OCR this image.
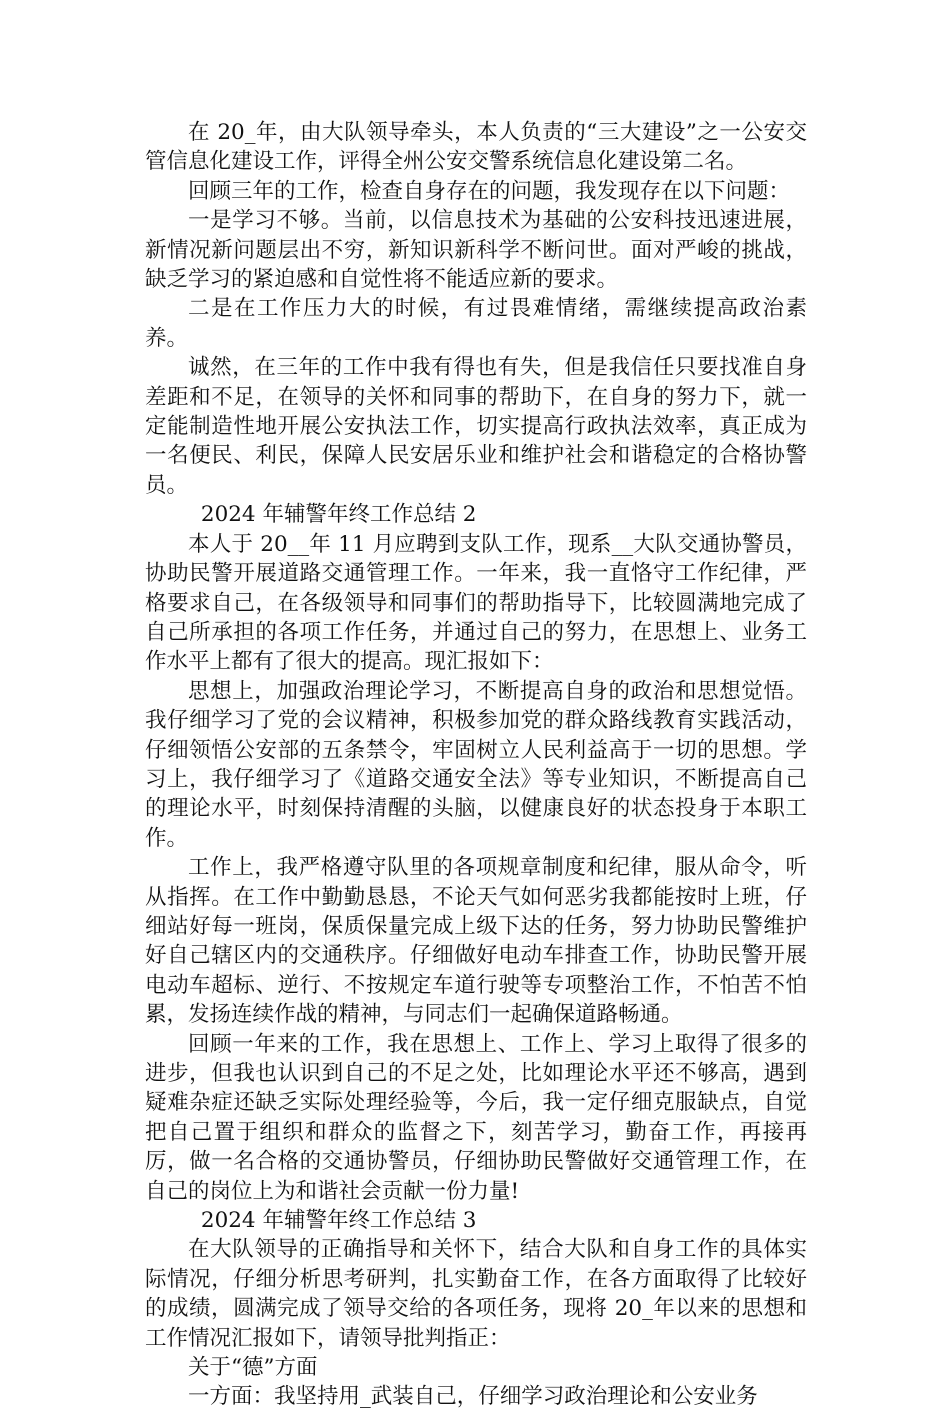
在 20_年，由大队领导牵头，本人负责的“三大建设”之一公安交管信息化建设工作，评得全州公安交警系统信息化建设第二名。

回顾三年的工作，检查自身存在的问题，我发现存在以下问题：

一是学习不够。当前，以信息技术为基础的公安科技迅速进展，新情况新问题层出不穷，新知识新科学不断问世。面对严峻的挑战，缺乏学习的紧迫感和自觉性将不能适应新的要求。

二是在工作压力大的时候，有过畏难情绪，需继续提高政治素养。

诚然，在三年的工作中我有得也有失，但是我信任只要找准自身差距和不足，在领导的关怀和同事的帮助下，在自身的努力下，就一定能制造性地开展公安执法工作，切实提高行政执法效率，真正成为一名便民、利民，保障人民安居乐业和维护社会和谐稳定的合格协警员。

2024 年辅警年终工作总结 2

本人于 20__年 11 月应聘到支队工作，现系__大队交通协警员，协助民警开展道路交通管理工作。一年来，我一直恪守工作纪律，严格要求自己，在各级领导和同事们的帮助指导下，比较圆满地完成了自己所承担的各项工作任务，并通过自己的努力，在思想上、业务工作水平上都有了很大的提高。现汇报如下：

思想上，加强政治理论学习，不断提高自身的政治和思想觉悟。我仔细学习了党的会议精神，积极参加党的群众路线教育实践活动，仔细领悟公安部的五条禁令，牢固树立人民利益高于一切的思想。学习上，我仔细学习了《道路交通安全法》等专业知识，不断提高自己的理论水平，时刻保持清醒的头脑，以健康良好的状态投身于本职工作。

工作上，我严格遵守队里的各项规章制度和纪律，服从命令，听从指挥。在工作中勤勤恳恳，不论天气如何恶劣我都能按时上班，仔细站好每一班岗，保质保量完成上级下达的任务，努力协助民警维护好自己辖区内的交通秩序。仔细做好电动车排查工作，协助民警开展电动车超标、逆行、不按规定车道行驶等专项整治工作，不怕苦不怕累，发扬连续作战的精神，与同志们一起确保道路畅通。

回顾一年来的工作，我在思想上、工作上、学习上取得了很多的进步，但我也认识到自己的不足之处，比如理论水平还不够高，遇到疑难杂症还缺乏实际处理经验等，今后，我一定仔细克服缺点，自觉把自己置于组织和群众的监督之下，刻苦学习，勤奋工作，再接再厉，做一名合格的交通协警员，仔细协助民警做好交通管理工作，在自己的岗位上为和谐社会贡献一份力量!

2024 年辅警年终工作总结 3

在大队领导的正确指导和关怀下，结合大队和自身工作的具体实际情况，仔细分析思考研判，扎实勤奋工作，在各方面取得了比较好的成绩，圆满完成了领导交给的各项任务，现将 20_年以来的思想和工作情况汇报如下，请领导批判指正：

关于“德”方面

一方面：我坚持用_武装自己，仔细学习政治理论和公安业务
